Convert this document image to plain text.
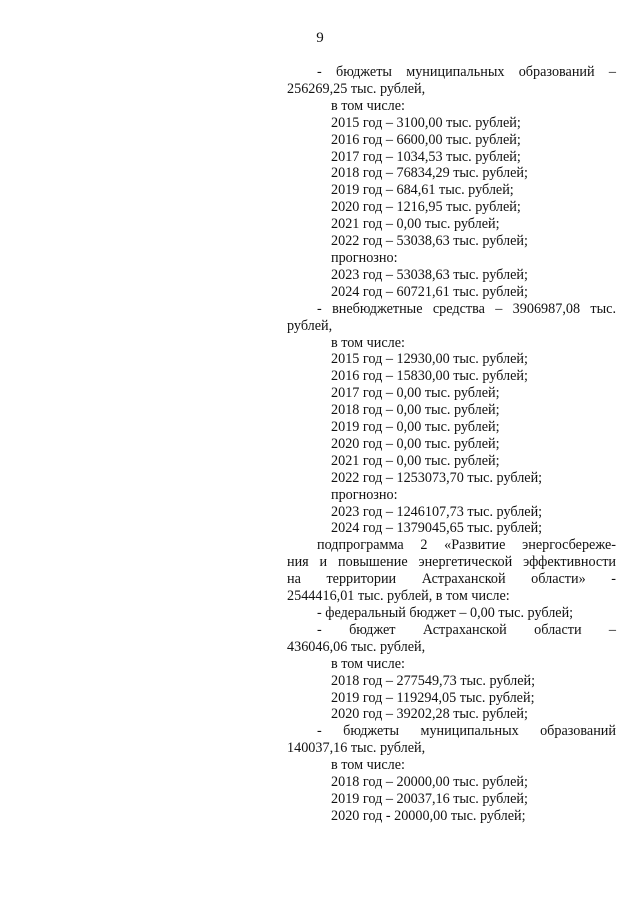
9
- бюджеты муниципальных образований –
256269,25 тыс. рублей,
в том числе:
2015 год – 3100,00 тыс. рублей;
2016 год – 6600,00 тыс. рублей;
2017 год – 1034,53 тыс. рублей;
2018 год – 76834,29 тыс. рублей;
2019 год – 684,61 тыс. рублей;
2020 год – 1216,95 тыс. рублей;
2021 год – 0,00 тыс. рублей;
2022 год – 53038,63 тыс. рублей;
прогнозно:
2023 год – 53038,63 тыс. рублей;
2024 год – 60721,61 тыс. рублей;
- внебюджетные средства – 3906987,08 тыс.
рублей,
в том числе:
2015 год – 12930,00 тыс. рублей;
2016 год – 15830,00 тыс. рублей;
2017 год – 0,00 тыс. рублей;
2018 год – 0,00 тыс. рублей;
2019 год – 0,00 тыс. рублей;
2020 год – 0,00 тыс. рублей;
2021 год – 0,00 тыс. рублей;
2022 год – 1253073,70 тыс. рублей;
прогнозно:
2023 год – 1246107,73 тыс. рублей;
2024 год – 1379045,65 тыс. рублей;
подпрограмма 2 «Развитие энергосбереже-
ния и повышение энергетической эффективности
на территории Астраханской области» -
2544416,01 тыс. рублей, в том числе:
- федеральный бюджет – 0,00 тыс. рублей;
- бюджет Астраханской области –
436046,06 тыс. рублей,
в том числе:
2018 год – 277549,73 тыс. рублей;
2019 год – 119294,05 тыс. рублей;
2020 год – 39202,28 тыс. рублей;
- бюджеты муниципальных образований
140037,16 тыс. рублей,
в том числе:
2018 год – 20000,00 тыс. рублей;
2019 год – 20037,16 тыс. рублей;
2020 год - 20000,00 тыс. рублей;
